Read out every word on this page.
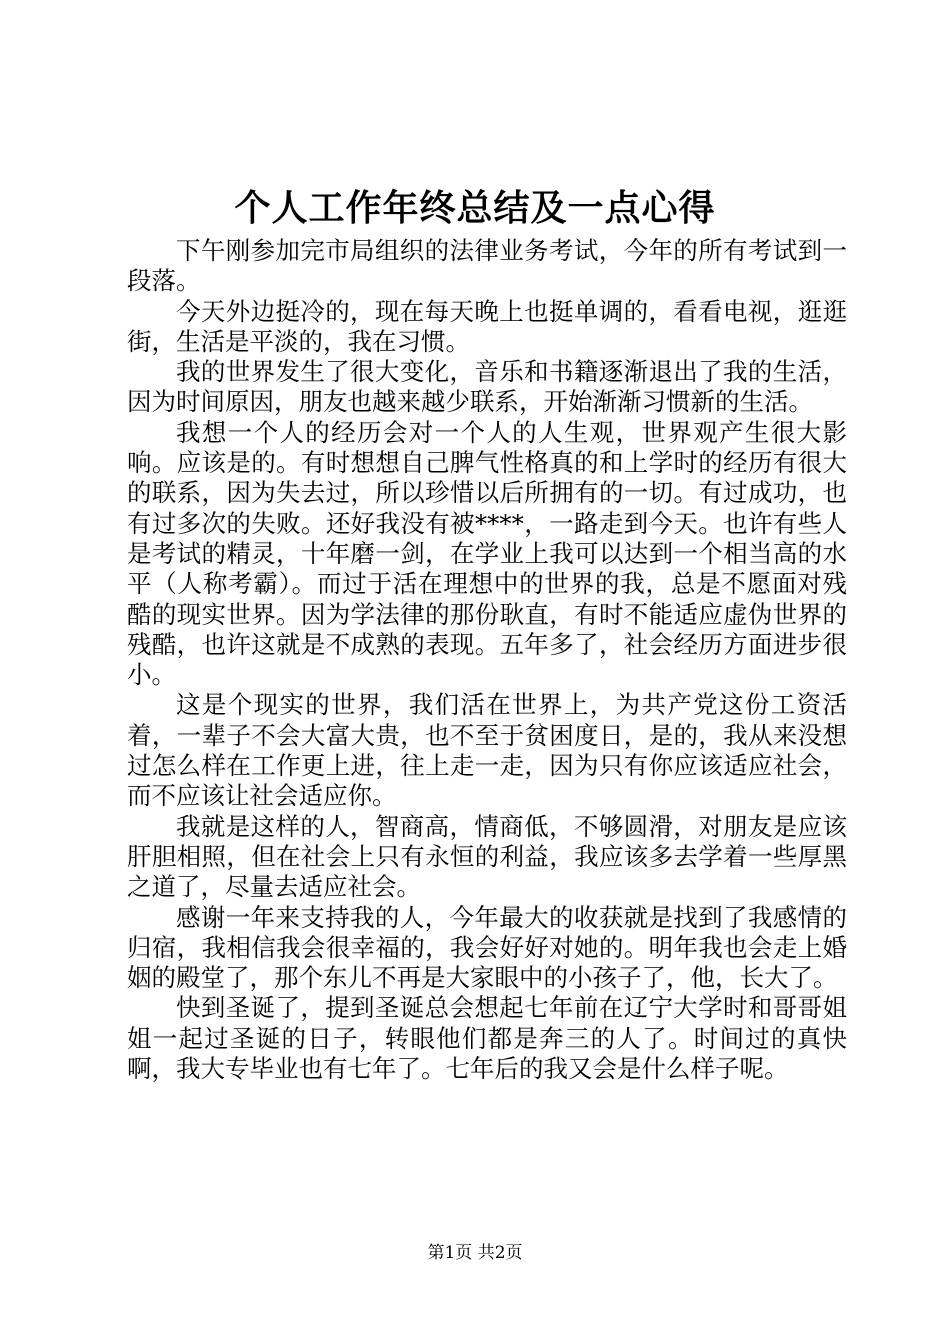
个人工作年终总结及一点心得

下午刚参加完市局组织的法律业务考试，今年的所有考试到一段落。

今天外边挺冷的，现在每天晚上也挺单调的，看看电视，逛逛街，生活是平淡的，我在习惯。

我的世界发生了很大变化，音乐和书籍逐渐退出了我的生活，因为时间原因，朋友也越来越少联系，开始渐渐习惯新的生活。

我想一个人的经历会对一个人的人生观，世界观产生很大影响。应该是的。有时想想自己脾气性格真的和上学时的经历有很大的联系，因为失去过，所以珍惜以后所拥有的一切。有过成功，也有过多次的失败。还好我没有被****，一路走到今天。也许有些人是考试的精灵，十年磨一剑，在学业上我可以达到一个相当高的水平（人称考霸）。而过于活在理想中的世界的我，总是不愿面对残酷的现实世界。因为学法律的那份耿直，有时不能适应虚伪世界的残酷，也许这就是不成熟的表现。五年多了，社会经历方面进步很小。

这是个现实的世界，我们活在世界上，为共产党这份工资活着，一辈子不会大富大贵，也不至于贫困度日，是的，我从来没想过怎么样在工作更上进，往上走一走，因为只有你应该适应社会，而不应该让社会适应你。

我就是这样的人，智商高，情商低，不够圆滑，对朋友是应该肝胆相照，但在社会上只有永恒的利益，我应该多去学着一些厚黑之道了，尽量去适应社会。

感谢一年来支持我的人，今年最大的收获就是找到了我感情的归宿，我相信我会很幸福的，我会好好对她的。明年我也会走上婚姻的殿堂了，那个东儿不再是大家眼中的小孩子了，他，长大了。

快到圣诞了，提到圣诞总会想起七年前在辽宁大学时和哥哥姐姐一起过圣诞的日子，转眼他们都是奔三的人了。时间过的真快啊，我大专毕业也有七年了。七年后的我又会是什么样子呢。

第1页 共2页
